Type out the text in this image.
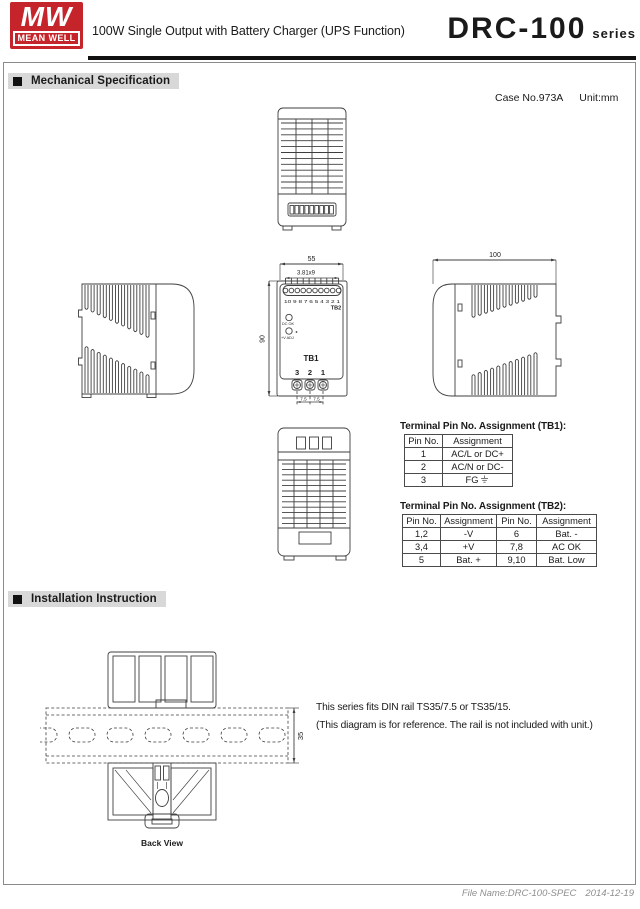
MW
MEAN WELL	100W Single Output with Battery Charger (UPS Function) DRC-100 series
Mechanical Specification
Case No.973A Unit:mm
55
3.81x9
90
10 9 8 7 6 5 4 3 2 1
TB2
DC OK
+V ADJ
TB1
3 2 1
7.5 7.5
100
Terminal Pin No. Assignment (TB1):
Pin No.	Assignment
1	AC/L or DC+
2	AC/N or DC-
3	FG
Terminal Pin No. Assignment (TB2):
Pin No.	Assignment	Pin No.	Assignment
1,2	-V	6	Bat. -
3,4	+V	7,8	AC OK
5	Bat. +	9,10	Bat. Low
Installation Instruction
35
Back View
This series fits DIN rail TS35/7.5 or TS35/15.
(This diagram is for reference. The rail is not included with unit.)
File Name:DRC-100-SPEC 2014-12-19
